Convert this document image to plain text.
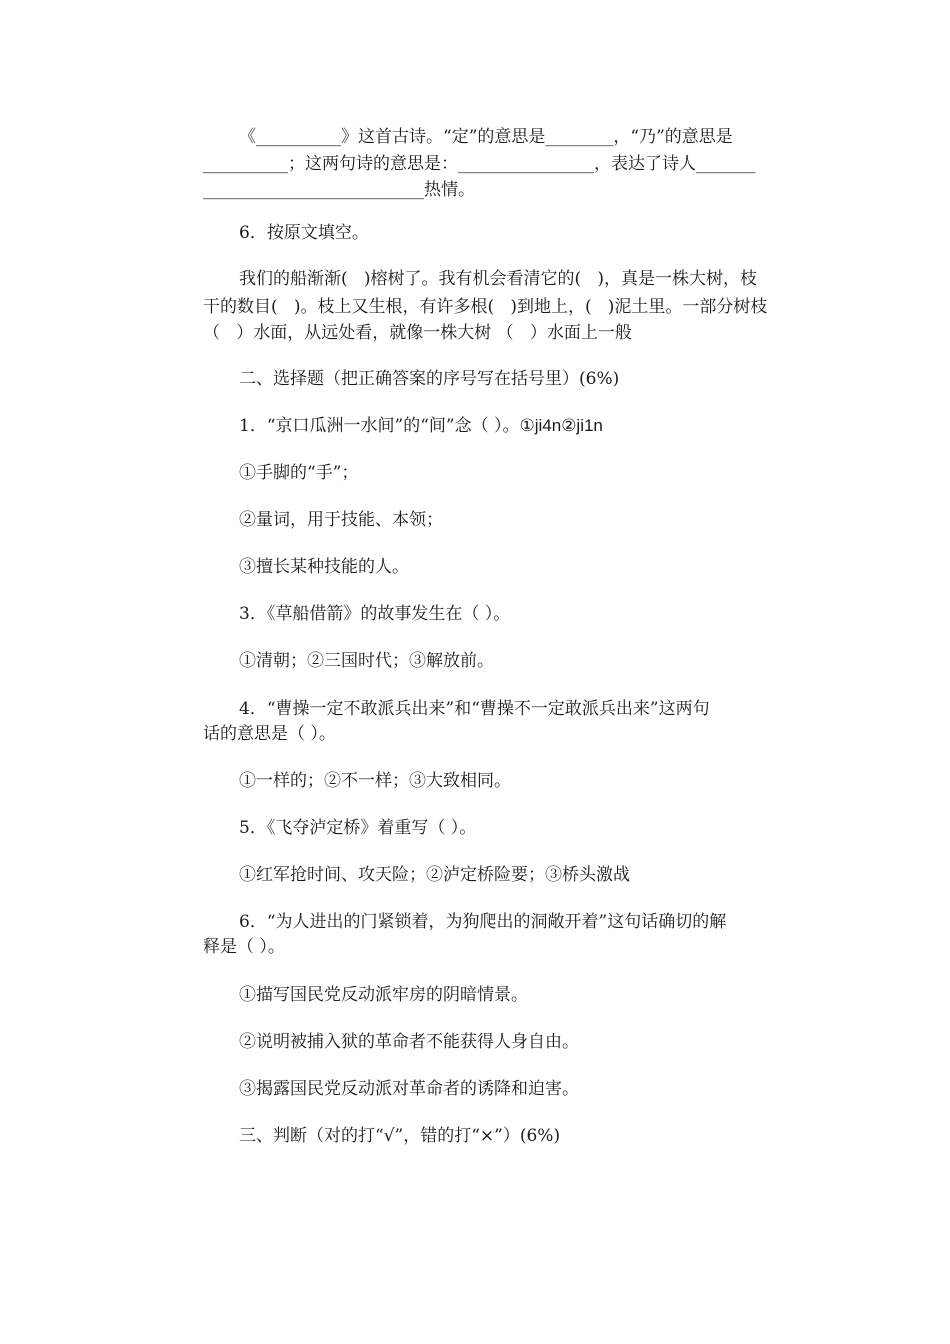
《__________》这首古诗。“定”的意思是________，“乃”的意思是
__________；这两句诗的意思是：________________，表达了诗人_______
__________________________热情。
6．按原文填空。
我们的船渐渐(   )榕树了。我有机会看清它的(   )，真是一株大树，枝
干的数目(   )。枝上又生根，有许多根(   )到地上，(   )泥土里。一部分树枝
（   ）水面，从远处看，就像一株大树 （   ）水面上一般
二、选择题（把正确答案的序号写在括号里）(6%)
1．“京口瓜洲一水间”的“间”念（ ）。①ji4n②ji1n
①手脚的“手”；
②量词，用于技能、本领；
③擅长某种技能的人。
3．《草船借箭》的故事发生在（ ）。
①清朝；②三国时代；③解放前。
4．“曹操一定不敢派兵出来”和“曹操不一定敢派兵出来”这两句
话的意思是（ ）。
①一样的；②不一样；③大致相同。
5．《飞夺泸定桥》着重写（ ）。
①红军抢时间、攻天险；②泸定桥险要；③桥头激战
6．“为人进出的门紧锁着，为狗爬出的洞敞开着”这句话确切的解
释是（ ）。
①描写国民党反动派牢房的阴暗情景。
②说明被捕入狱的革命者不能获得人身自由。
③揭露国民党反动派对革命者的诱降和迫害。
三、判断（对的打“√”，错的打“×”）(6%)
